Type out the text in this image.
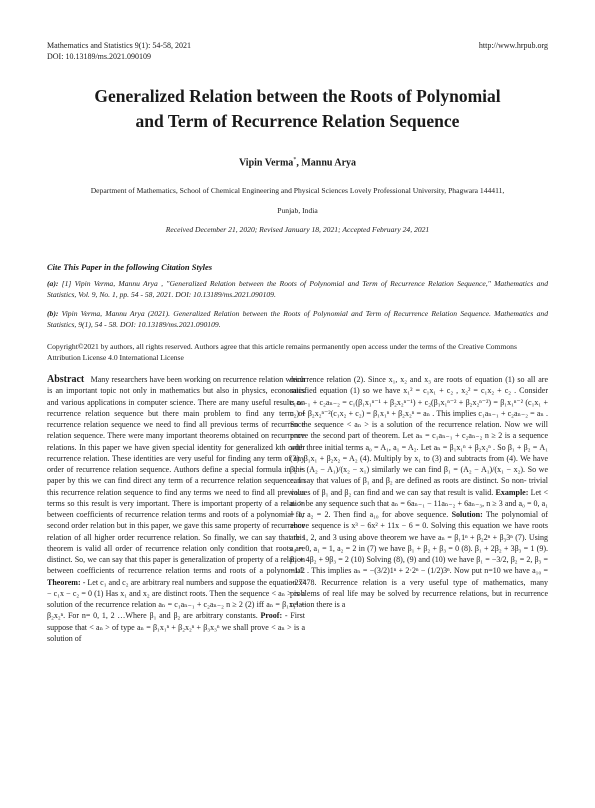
Mathematics and Statistics 9(1): 54-58, 2021
DOI: 10.13189/ms.2021.090109
http://www.hrpub.org
Generalized Relation between the Roots of Polynomial
and Term of Recurrence Relation Sequence
Vipin Verma*, Mannu Arya
Department of Mathematics, School of Chemical Engineering and Physical Sciences Lovely Professional University, Phagwara 144411,
Punjab, India
Received December 21, 2020; Revised January 18, 2021; Accepted February 24, 2021
Cite This Paper in the following Citation Styles
(a): [1] Vipin Verma, Mannu Arya , "Generalized Relation between the Roots of Polynomial and Term of Recurrence Relation Sequence," Mathematics and Statistics, Vol. 9, No. 1, pp. 54 - 58, 2021. DOI: 10.13189/ms.2021.090109.
(b): Vipin Verma, Mannu Arya (2021). Generalized Relation between the Roots of Polynomial and Term of Recurrence Relation Sequence. Mathematics and Statistics, 9(1), 54 - 58. DOI: 10.13189/ms.2021.090109.
Copyright©2021 by authors, all rights reserved. Authors agree that this article remains permanently open access under the terms of the Creative Commons Attribution License 4.0 International License

Abstract Many researchers have been working on recurrence relation which is an important topic not only in mathematics but also in physics, economics and various applications in computer science. There are many useful results on recurrence relation sequence but there main problem to find any term of recurrence relation sequence we need to find all previous terms of recurrence relation sequence. There were many important theorems obtained on recurrence relations. In this paper we have given special identity for generalized kth order recurrence relation. These identities are very useful for finding any term of any order of recurrence relation sequence. Authors define a special formula in this paper by this we can find direct any term of a recurrence relation sequence. In this recurrence relation sequence to find any terms we need to find all previous terms so this result is very important. There is important property of a relation between coefficients of recurrence relation terms and roots of a polynomial for second order relation but in this paper, we gave this same property of recurrence relation of all higher order recurrence relation. So finally, we can say that this theorem is valid all order of recurrence relation only condition that roots are distinct. So, we can say that this paper is generalization of property of a relation between coefficients of recurrence relation terms and roots of a polynomial. Theorem: - Let c₁ and c₂ are arbitrary real numbers and suppose the equation x² − c₁x − c₂ = 0 (1) Has x₁ and x₂ are distinct roots. Then the sequence < aₙ > is a solution of the recurrence relation aₙ = c₁aₙ₋₁ + c₂aₙ₋₂ n ≥ 2 (2) iff aₙ = β₁x₁ⁿ + β₂x₂ⁿ. For n= 0, 1, 2 …Where β₁ and β₂ are arbitrary constants. Proof: - First suppose that < aₙ > of type aₙ = β₁x₁ⁿ + β₂x₂ⁿ + β₃x₃ⁿ we shall prove < aₙ > is a solution of

recurrence relation (2). Since x₁, x₂ and x₃ are roots of equation (1) so all are satisfied equation (1) so we have x₁² = c₁x₁ + c₂ , x₂² = c₁x₂ + c₂ . Consider c₁aₙ₋₁ + c₂aₙ₋₂ = c₁(β₁x₁ⁿ⁻¹ + β₂x₂ⁿ⁻¹) + c₂(β₁x₁ⁿ⁻² + β₂x₂ⁿ⁻²) = β₁x₁ⁿ⁻² (c₁x₁ + c₂) + β₂x₂ⁿ⁻²(c₁x₂ + c₂) = β₁x₁ⁿ + β₂x₂ⁿ = aₙ . This implies c₁aₙ₋₁ + c₂aₙ₋₂ = aₙ . So the sequence < aₙ > is a solution of the recurrence relation. Now we will prove the second part of theorem. Let aₙ = c₁aₙ₋₁ + c₂aₙ₋₂ n ≥ 2 is a sequence with three initial terms a₀ = A₁, a₁ = A₂. Let aₙ = β₁x₁ⁿ + β₂x₂ⁿ . So β₁ + β₂ = A₁ (3). β₁x₁ + β₂x₂ = A₂ (4). Multiply by x₁ to (3) and subtracts from (4). We have β₂ = (A₂ − A₁)/(x₂ − x₁) similarly we can find β₁ = (A₂ − A₁)/(x₁ − x₂). So we can say that values of β₁ and β₂ are defined as roots are distinct. So non- trivial values of β₁ and β₂ can find and we can say that result is valid. Example: Let < aₙ > be any sequence such that aₙ = 6aₙ₋₁ − 11aₙ₋₂ + 6aₙ₋₃, n ≥ 3 and a₀ = 0, a₁ = 1, a₂ = 2. Then find a₁₀ for above sequence. Solution: The polynomial of above sequence is x³ − 6x² + 11x − 6 = 0. Solving this equation we have roots are 1, 2, and 3 using above theorem we have aₙ = β₁1ⁿ + β₂2ⁿ + β₃3ⁿ (7). Using a₀ = 0, a₁ = 1, a₂ = 2 in (7) we have β₁ + β₂ + β₃ = 0 (8). β₁ + 2β₂ + 3β₃ = 1 (9). β₁ + 4β₂ + 9β₃ = 2 (10) Solving (8), (9) and (10) we have β₁ = −3/2, β₂ = 2, β₃ = −1/2 . This implies aₙ = −(3/2)1ⁿ + 2·2ⁿ − (1/2)3ⁿ. Now put n=10 we have a₁₀ = −27478. Recurrence relation is a very useful type of mathematics, many problems of real life may be solved by recurrence relations, but in recurrence relation there is a
